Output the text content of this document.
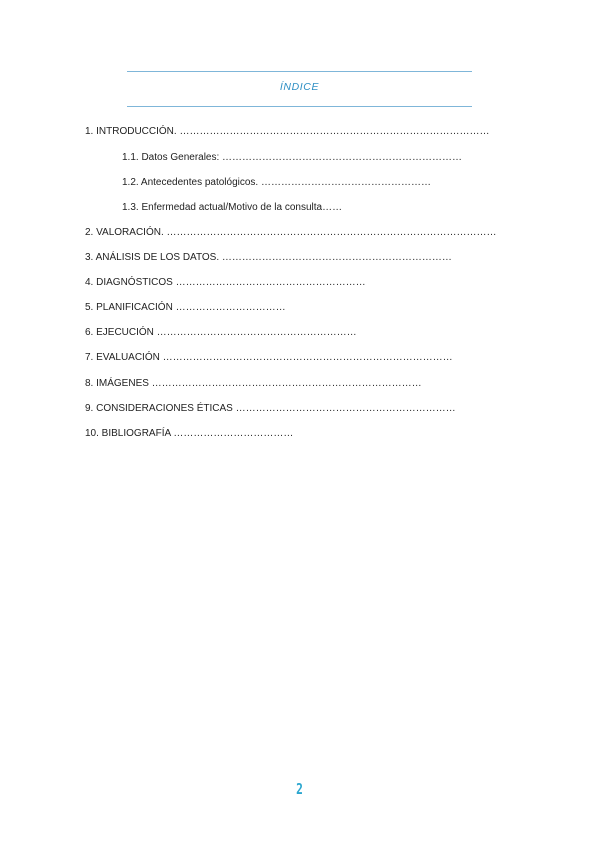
ÍNDICE
1. INTRODUCCIÓN. …………………………………………………………………………………
1.1. Datos Generales: ………………………………………………………………
1.2. Antecedentes patológicos. ……………………………………………
1.3. Enfermedad actual/Motivo de la consulta……
2. VALORACIÓN. ………………………………………………………………………………………
3. ANÁLISIS DE LOS DATOS. ……………………………………………………………
4. DIAGNÓSTICOS …………………………………………………
5. PLANIFICACIÓN ……………………………
6. EJECUCIÓN ……………………………………………………
7. EVALUACIÓN ……………………………………………………………………………
8. IMÁGENES ………………………………………………………………………
9. CONSIDERACIONES ÉTICAS …………………………………………………………
10. BIBLIOGRAFÍA ………………………………
2
